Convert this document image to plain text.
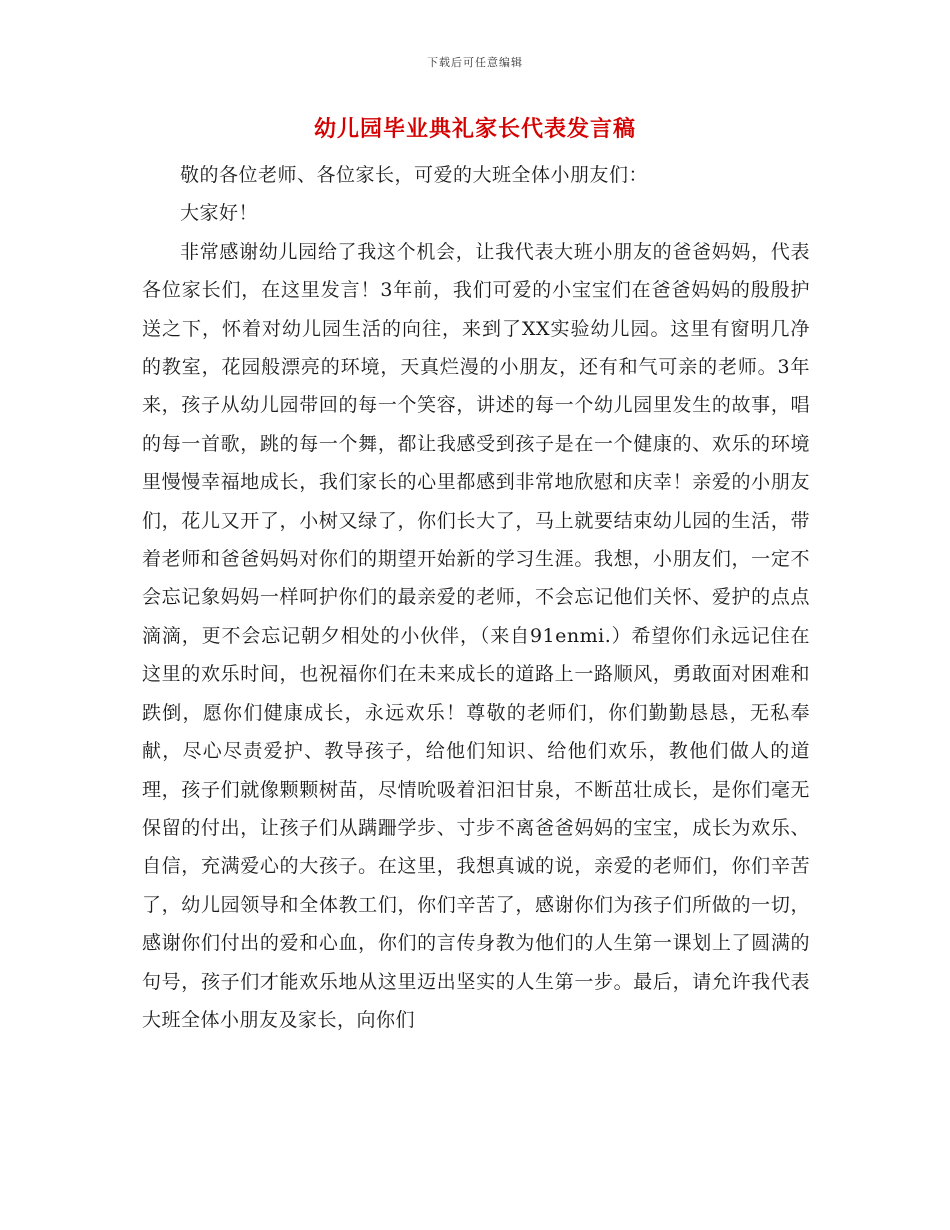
下载后可任意编辑
幼儿园毕业典礼家长代表发言稿

敬的各位老师、各位家长，可爱的大班全体小朋友们：

大家好！

非常感谢幼儿园给了我这个机会，让我代表大班小朋友的爸爸妈妈，代表各位家长们，在这里发言！3年前，我们可爱的小宝宝们在爸爸妈妈的殷殷护送之下，怀着对幼儿园生活的向往，来到了XX实验幼儿园。这里有窗明几净的教室，花园般漂亮的环境，天真烂漫的小朋友，还有和气可亲的老师。3年来，孩子从幼儿园带回的每一个笑容，讲述的每一个幼儿园里发生的故事，唱的每一首歌，跳的每一个舞，都让我感受到孩子是在一个健康的、欢乐的环境里慢慢幸福地成长，我们家长的心里都感到非常地欣慰和庆幸！亲爱的小朋友们，花儿又开了，小树又绿了，你们长大了，马上就要结束幼儿园的生活，带着老师和爸爸妈妈对你们的期望开始新的学习生涯。我想，小朋友们，一定不会忘记象妈妈一样呵护你们的最亲爱的老师，不会忘记他们关怀、爱护的点点滴滴，更不会忘记朝夕相处的小伙伴，（来自91enmi.）希望你们永远记住在这里的欢乐时间，也祝福你们在未来成长的道路上一路顺风，勇敢面对困难和跌倒，愿你们健康成长，永远欢乐！尊敬的老师们，你们勤勤恳恳，无私奉献，尽心尽责爱护、教导孩子，给他们知识、给他们欢乐，教他们做人的道理，孩子们就像颗颗树苗，尽情吮吸着汩汩甘泉，不断茁壮成长，是你们毫无保留的付出，让孩子们从蹒跚学步、寸步不离爸爸妈妈的宝宝，成长为欢乐、自信，充满爱心的大孩子。在这里，我想真诚的说，亲爱的老师们，你们辛苦了，幼儿园领导和全体教工们，你们辛苦了，感谢你们为孩子们所做的一切，感谢你们付出的爱和心血，你们的言传身教为他们的人生第一课划上了圆满的句号，孩子们才能欢乐地从这里迈出坚实的人生第一步。最后，请允许我代表大班全体小朋友及家长，向你们
